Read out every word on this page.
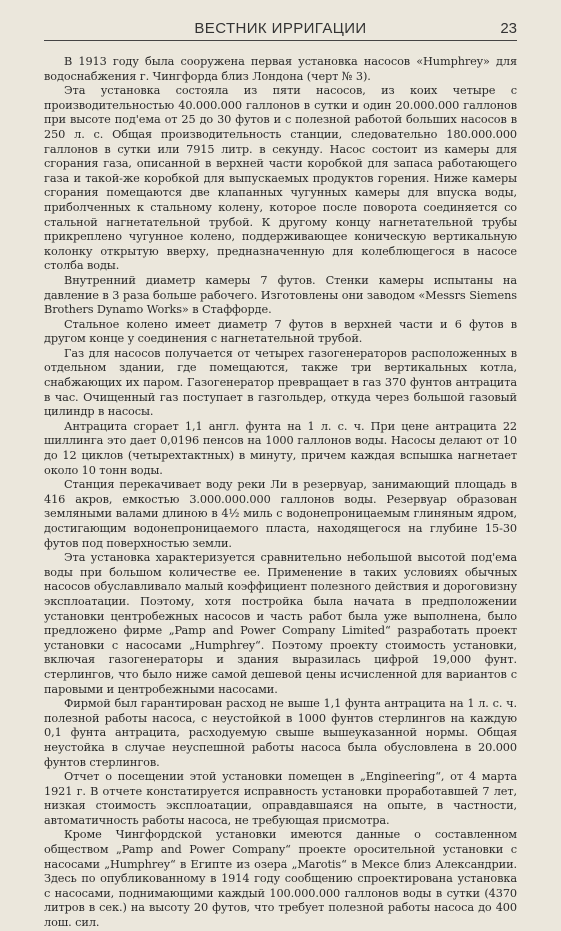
ВЕСТНИК ИРРИГАЦИИ	23

В 1913 году была сооружена первая установка насосов «Humphrey» для водоснабжения г. Чингфорда близ Лондона (черт № 3).

Эта установка состояла из пяти насосов, из коих четыре с производительностью 40.000.000 галлонов в сутки и один 20.000.000 галлонов при высоте под'ема от 25 до 30 футов и с полезной работой больших насосов в 250 л. с. Общая производительность станции, следовательно 180.000.000 галлонов в сутки или 7915 литр. в секунду. Насос состоит из камеры для сгорания газа, описанной в верхней части коробкой для запаса работающего газа и такой-же коробкой для выпускаемых продуктов горения. Ниже камеры сгорания помещаются две клапанных чугунных камеры для впуска воды, приболченных к стальному колену, которое после поворота соединяется со стальной нагнетательной трубой. К другому концу нагнетательной трубы прикреплено чугунное колено, поддерживающее коническую вертикальную колонку открытую вверху, предназначенную для колеблющегося в насосе столба воды.

Внутренний диаметр камеры 7 футов. Стенки камеры испытаны на давление в 3 раза больше рабочего. Изготовлены они заводом «Messrs Siemens Brothers Dynamo Works» в Стаффорде.

Стальное колено имеет диаметр 7 футов в верхней части и 6 футов в другом конце у соединения с нагнетательной трубой.

Газ для насосов получается от четырех газогенераторов расположенных в отдельном здании, где помещаются, также три вертикальных котла, снабжающих их паром. Газогенератор превращает в газ 370 фунтов антрацита в час. Очищенный газ поступает в газгольдер, откуда через большой газовый цилиндр в насосы.

Антрацита сгорает 1,1 англ. фунта на 1 л. с. ч. При цене антрацита 22 шиллинга это дает 0,0196 пенсов на 1000 галлонов воды. Насосы делают от 10 до 12 циклов (четырехтактных) в минуту, причем каждая вспышка нагнетает около 10 тонн воды.

Станция перекачивает воду реки Ли в резервуар, занимающий площадь в 416 акров, емкостью 3.000.000.000 галлонов воды. Резервуар образован земляными валами длиною в 4½ миль с водонепроницаемым глиняным ядром, достигающим водонепроницаемого пласта, находящегося на глубине 15-30 футов под поверхностью земли.

Эта установка характеризуется сравнительно небольшой высотой под'ема воды при большом количестве ее. Применение в таких условиях обычных насосов обуславливало малый коэффициент полезного действия и дороговизну эксплоатации. Поэтому, хотя постройка была начата в предположении установки центробежных насосов и часть работ была уже выполнена, было предложено фирме „Pamp and Power Company Limited“ разработать проект установки с насосами „Humphrey“. Поэтому проекту стоимость установки, включая газогенераторы и здания выразилась цифрой 19,000 фунт. стерлингов, что было ниже самой дешевой цены исчисленной для вариантов с паровыми и центробежными насосами.

Фирмой был гарантирован расход не выше 1,1 фунта антрацита на 1 л. с. ч. полезной работы насоса, с неустойкой в 1000 фунтов стерлингов на каждую 0,1 фунта антрацита, расходуемую свыше вышеуказанной нормы. Общая неустойка в случае неуспешной работы насоса была обусловлена в 20.000 фунтов стерлингов.

Отчет о посещении этой установки помещен в „Engineering“, от 4 марта 1921 г. В отчете констатируется исправность установки проработавшей 7 лет, низкая стоимость эксплоатации, оправдавшаяся на опыте, в частности, автоматичность работы насоса, не требующая присмотра.

Кроме Чингфордской установки имеются данные о составленном обществом „Pamp and Power Company“ проекте оросительной установки с насосами „Humphrey“ в Египте из озера „Marotis“ в Мексе близ Александрии. Здесь по опубликованному в 1914 году сообщению спроектирована установка с насосами, поднимающими каждый 100.000.000 галлонов воды в сутки (4370 литров в сек.) на высоту 20 футов, что требует полезной работы насоса до 400 лош. сил.
